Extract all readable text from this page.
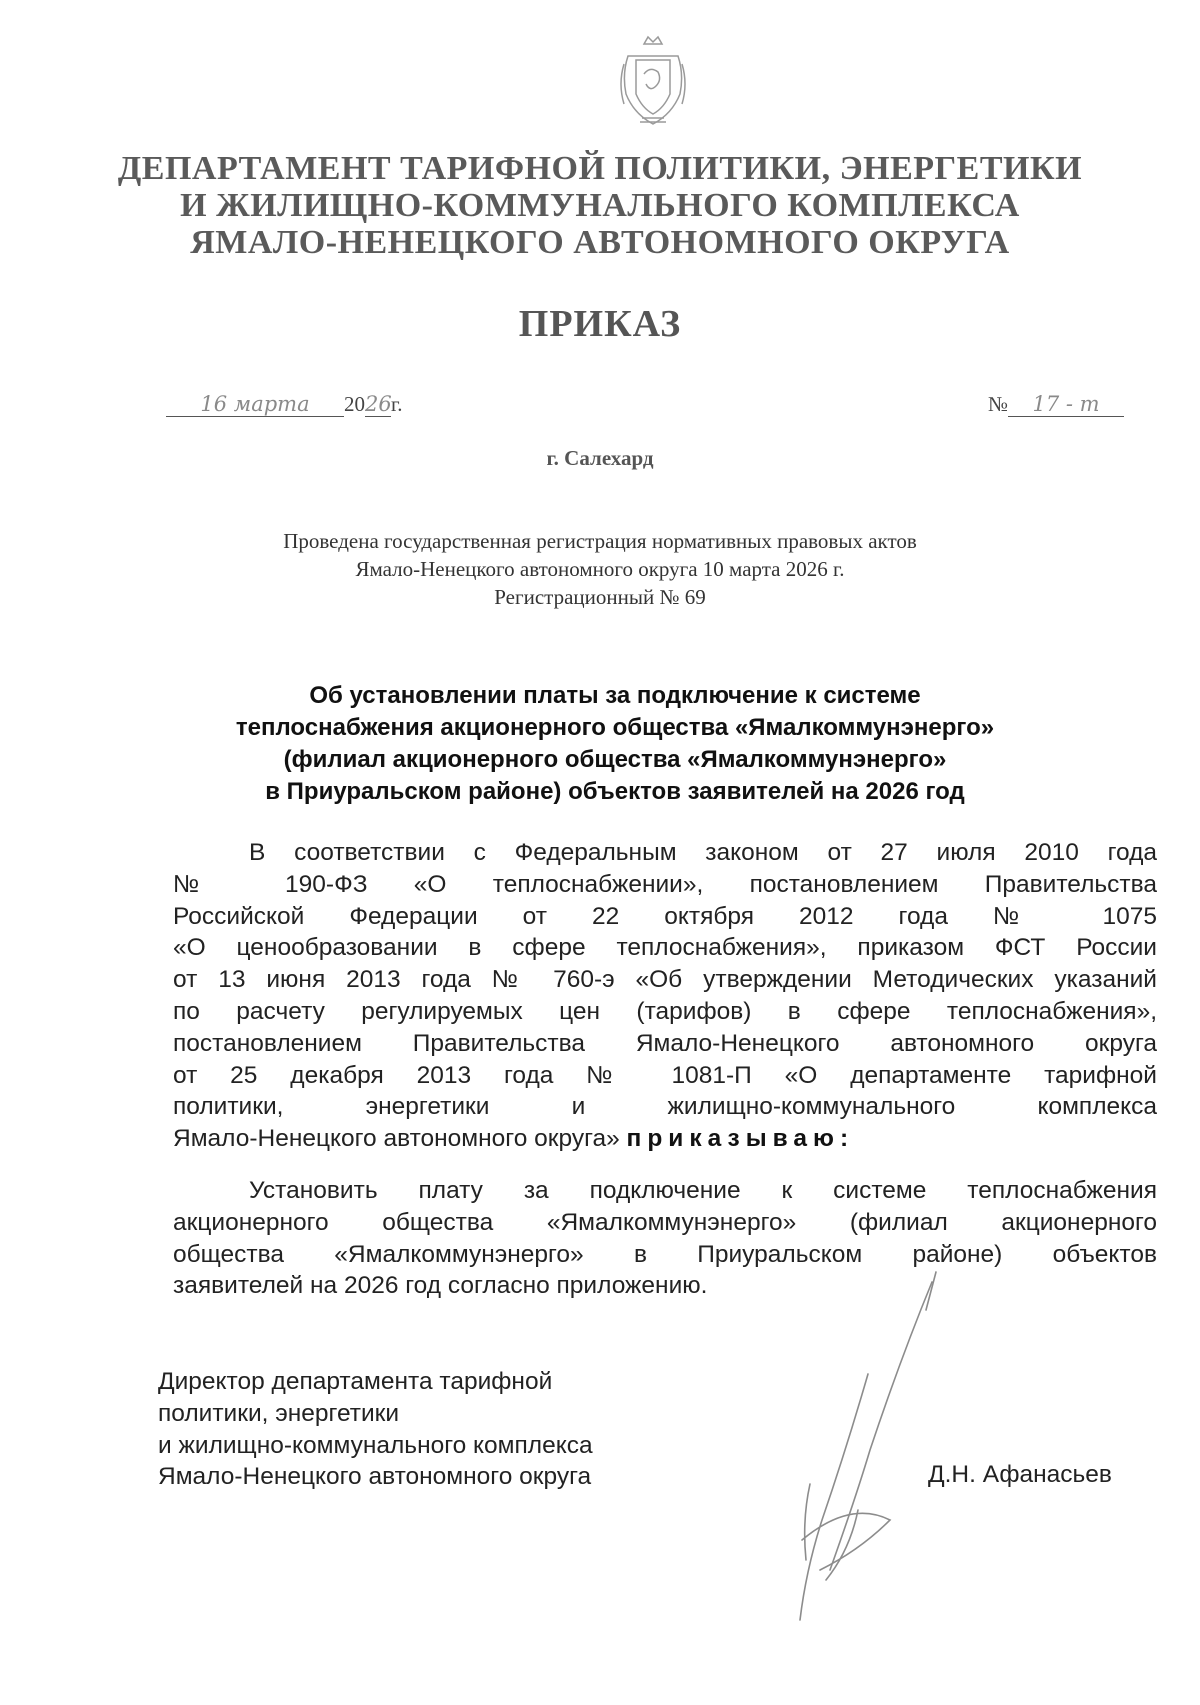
ДЕПАРТАМЕНТ ТАРИФНОЙ ПОЛИТИКИ, ЭНЕРГЕТИКИ
И ЖИЛИЩНО-КОММУНАЛЬНОГО КОМПЛЕКСА
ЯМАЛО-НЕНЕЦКОГО АВТОНОМНОГО ОКРУГА
ПРИКАЗ
16 марта 2026г.	№ 17 - т
г. Салехард
Проведена государственная регистрация нормативных правовых актов
Ямало-Ненецкого автономного округа 10 марта 2026 г.
Регистрационный № 69
Об установлении платы за подключение к системе
теплоснабжения акционерного общества «Ямалкоммунэнерго»
(филиал акционерного общества «Ямалкоммунэнерго»
в Приуральском районе) объектов заявителей на 2026 год
В соответствии с Федеральным законом от 27 июля 2010 года
№ 190-ФЗ «О теплоснабжении», постановлением Правительства
Российской Федерации от 22 октября 2012 года № 1075
«О ценообразовании в сфере теплоснабжения», приказом ФСТ России
от 13 июня 2013 года № 760-э «Об утверждении Методических указаний
по расчету регулируемых цен (тарифов) в сфере теплоснабжения»,
постановлением Правительства Ямало-Ненецкого автономного округа
от 25 декабря 2013 года № 1081-П «О департаменте тарифной
политики, энергетики и жилищно-коммунального комплекса
Ямало-Ненецкого автономного округа» приказываю:
Установить плату за подключение к системе теплоснабжения
акционерного общества «Ямалкоммунэнерго» (филиал акционерного
общества «Ямалкоммунэнерго» в Приуральском районе) объектов
заявителей на 2026 год согласно приложению.
Директор департамента тарифной
политики, энергетики
и жилищно-коммунального комплекса
Ямало-Ненецкого автономного округа	Д.Н. Афанасьев
